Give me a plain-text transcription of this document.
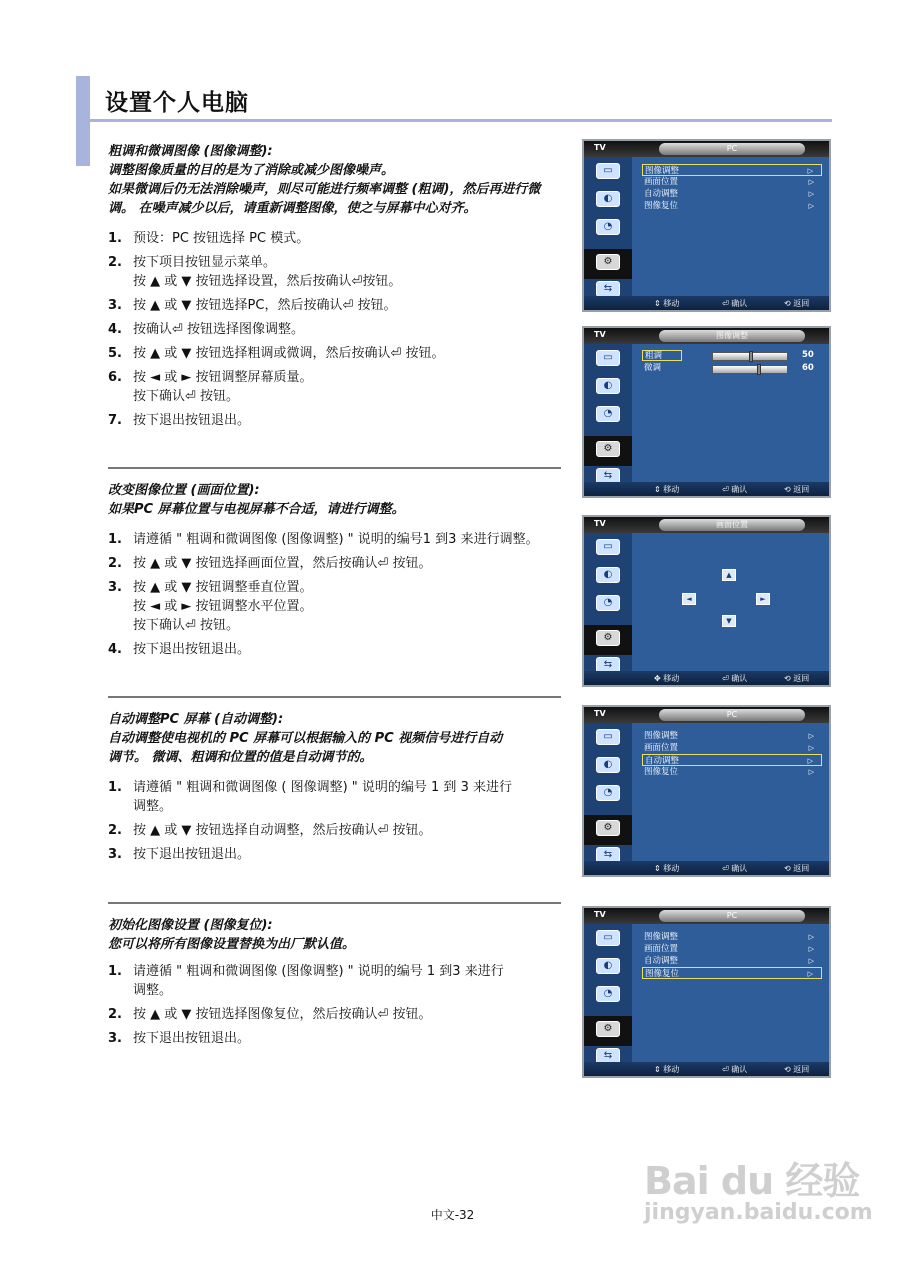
设置个人电脑
粗调和微调图像 (图像调整):
调整图像质量的目的是为了消除或减少图像噪声。
如果微调后仍无法消除噪声，则尽可能进行频率调整 (粗调)，然后再进行微
调。 在噪声减少以后，请重新调整图像，使之与屏幕中心对齐。
1. 预设：PC 按钮选择 PC 模式。
2. 按下项目按钮显示菜单。
按 ▲ 或 ▼ 按钮选择设置，然后按确认⏎按钮。
3. 按 ▲ 或 ▼ 按钮选择PC，然后按确认⏎ 按钮。
4. 按确认⏎ 按钮选择图像调整。
5. 按 ▲ 或 ▼ 按钮选择粗调或微调，然后按确认⏎ 按钮。
6. 按 ◄ 或 ► 按钮调整屏幕质量。
按下确认⏎ 按钮。
7. 按下退出按钮退出。
改变图像位置 (画面位置):
如果PC 屏幕位置与电视屏幕不合适，请进行调整。
1. 请遵循 " 粗调和微调图像 (图像调整) " 说明的编号1 到3 来进行调整。
2. 按 ▲ 或 ▼ 按钮选择画面位置，然后按确认⏎ 按钮。
3. 按 ▲ 或 ▼ 按钮调整垂直位置。
按 ◄ 或 ► 按钮调整水平位置。
按下确认⏎ 按钮。
4. 按下退出按钮退出。
自动调整PC 屏幕 (自动调整):
自动调整使电视机的 PC 屏幕可以根据输入的 PC 视频信号进行自动
调节。 微调、粗调和位置的值是自动调节的。
1. 请遵循 " 粗调和微调图像 ( 图像调整) " 说明的编号 1 到 3 来进行
调整。
2. 按 ▲ 或 ▼ 按钮选择自动调整，然后按确认⏎ 按钮。
3. 按下退出按钮退出。
初始化图像设置 (图像复位):
您可以将所有图像设置替换为出厂默认值。
1. 请遵循 " 粗调和微调图像 (图像调整) " 说明的编号 1 到3 来进行
调整。
2. 按 ▲ 或 ▼ 按钮选择图像复位，然后按确认⏎ 按钮。
3. 按下退出按钮退出。
TV	PC
▭
◐
◔
⚙
⇆
图像调整	▷
画面位置	▷
自动调整	▷
图像复位	▷
⇕ 移动	⏎ 确认	⟲ 返回
TV	图像调整
▭
◐
◔
⚙
⇆
粗调	50
微调	60
⇕ 移动	⏎ 确认	⟲ 返回
TV	画面位置
▭
◐
◔
⚙
⇆
▲
◄	►
▼
✥ 移动	⏎ 确认	⟲ 返回
TV	PC
▭
◐
◔
⚙
⇆
图像调整	▷
画面位置	▷
自动调整	▷
图像复位	▷
⇕ 移动	⏎ 确认	⟲ 返回
TV	PC
▭
◐
◔
⚙
⇆
图像调整	▷
画面位置	▷
自动调整	▷
图像复位	▷
⇕ 移动	⏎ 确认	⟲ 返回
中文-32
Bai du 经验
jingyan.baidu.com
